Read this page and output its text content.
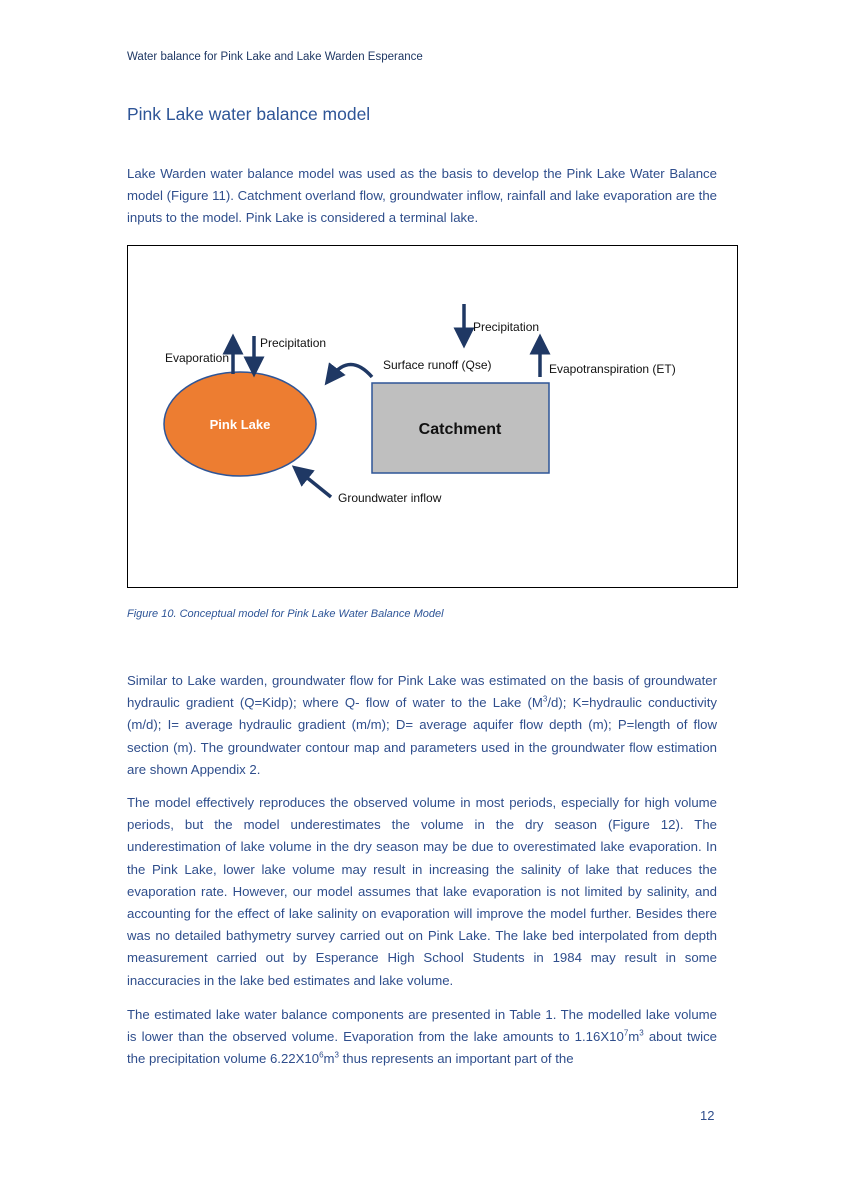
Water balance for Pink Lake and Lake Warden Esperance
Pink Lake water balance model

Lake Warden water balance model was used as the basis to develop the Pink Lake Water Balance model (Figure 11). Catchment overland flow, groundwater inflow, rainfall and lake evaporation are the inputs to the model. Pink Lake is considered a terminal lake.

Pink Lake	Catchment
Evaporation
Precipitation
Precipitation
Evapotranspiration (ET)
Surface runoff (Qse)
Groundwater inflow

Figure 10. Conceptual model for Pink Lake Water Balance Model

Similar to Lake warden, groundwater flow for Pink Lake was estimated on the basis of groundwater hydraulic gradient (Q=Kidp); where Q- flow of water to the Lake $(M^3/d)$; K=hydraulic conductivity (m/d); I= average hydraulic gradient (m/m); D= average aquifer flow depth (m); P=length of flow section (m). The groundwater contour map and parameters used in the groundwater flow estimation are shown Appendix 2.

The model effectively reproduces the observed volume in most periods, especially for high volume periods, but the model underestimates the volume in the dry season (Figure 12). The underestimation of lake volume in the dry season may be due to overestimated lake evaporation. In the Pink Lake, lower lake volume may result in increasing the salinity of lake that reduces the evaporation rate. However, our model assumes that lake evaporation is not limited by salinity, and accounting for the effect of lake salinity on evaporation will improve the model further. Besides there was no detailed bathymetry survey carried out on Pink Lake. The lake bed interpolated from depth measurement carried out by Esperance High School Students in 1984 may result in some inaccuracies in the lake bed estimates and lake volume.

The estimated lake water balance components are presented in Table 1. The modelled lake volume is lower than the observed volume. Evaporation from the lake amounts to $1.16X10^7m^3$ about twice the precipitation volume $6.22X10^6m^3$ thus represents an important part of the

12
